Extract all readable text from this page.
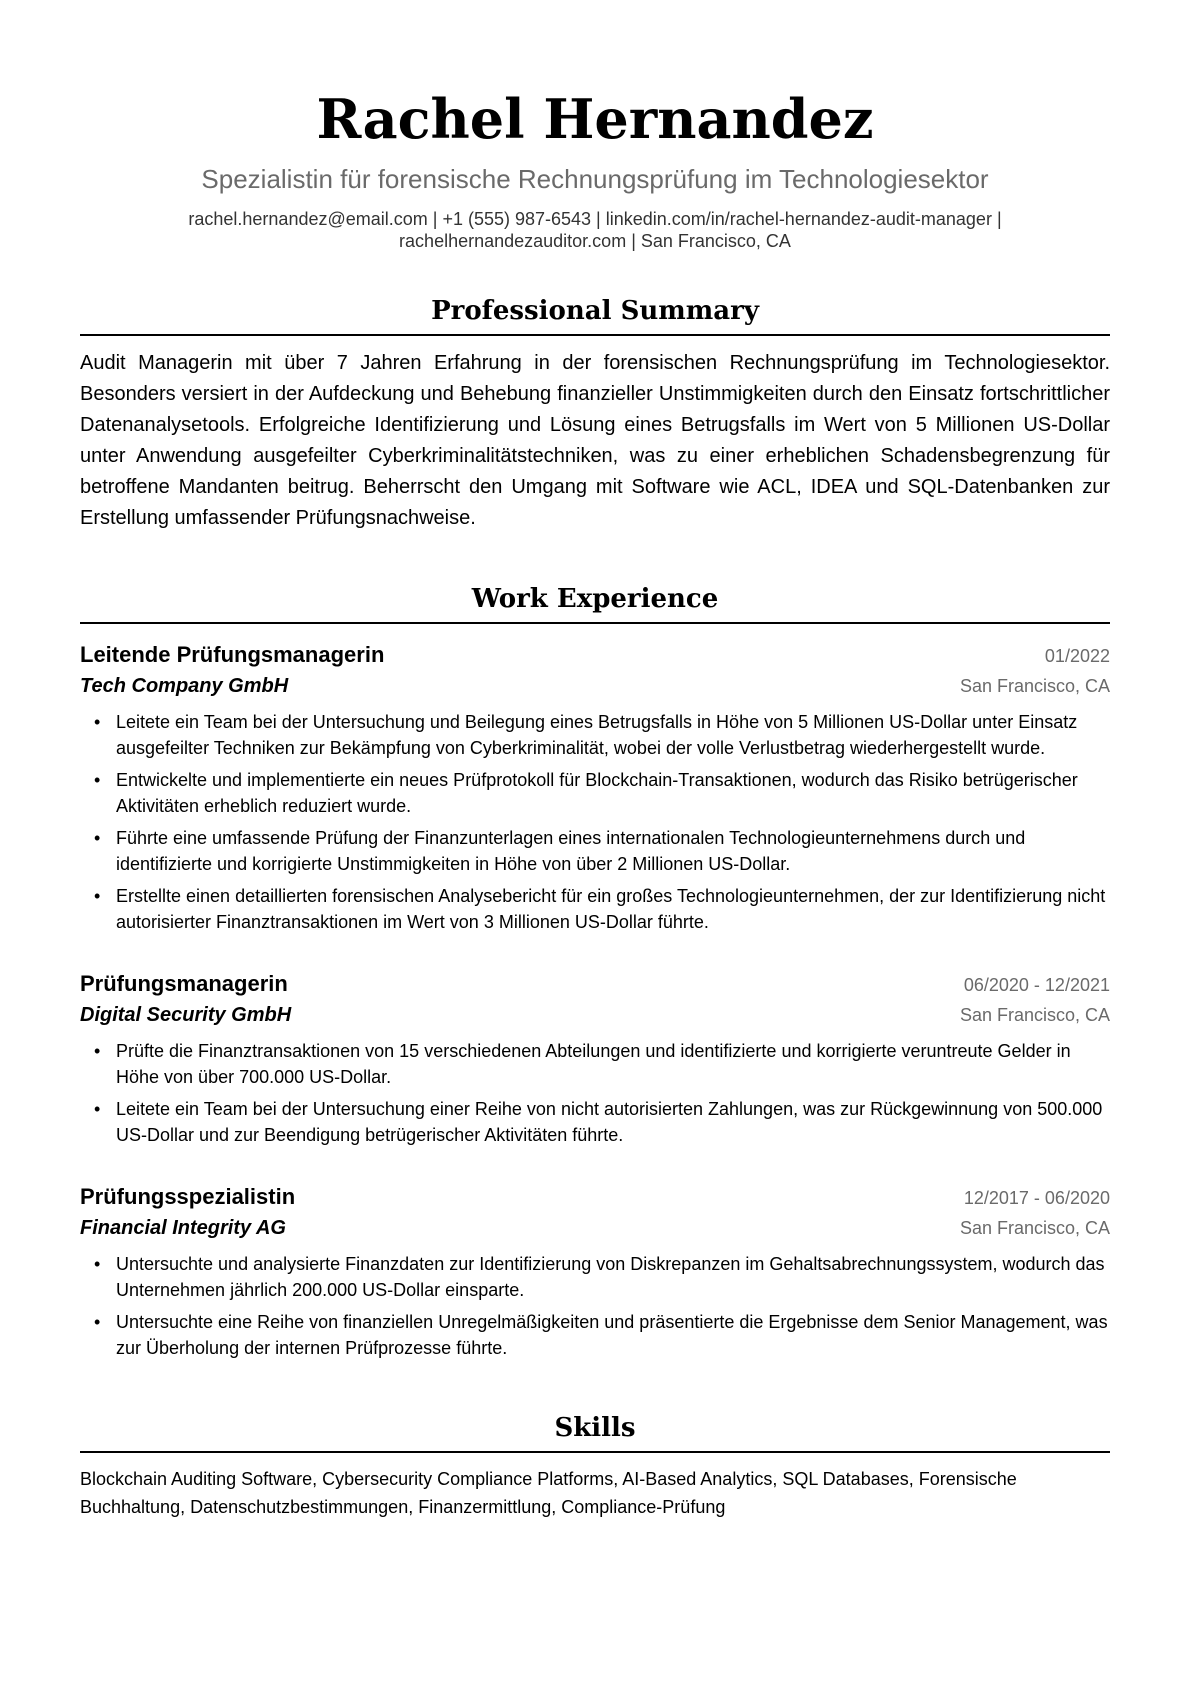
Rachel Hernandez
Spezialistin für forensische Rechnungsprüfung im Technologiesektor
rachel.hernandez@email.com | +1 (555) 987-6543 | linkedin.com/in/rachel-hernandez-audit-manager |
rachelhernandezauditor.com | San Francisco, CA
Professional Summary

Audit Managerin mit über 7 Jahren Erfahrung in der forensischen Rechnungsprüfung im Technologiesektor. Besonders versiert in der Aufdeckung und Behebung finanzieller Unstimmigkeiten durch den Einsatz fortschrittlicher Datenanalysetools. Erfolgreiche Identifizierung und Lösung eines Betrugsfalls im Wert von 5 Millionen US-Dollar unter Anwendung ausgefeilter Cyberkriminalitätstechniken, was zu einer erheblichen Schadensbegrenzung für betroffene Mandanten beitrug. Beherrscht den Umgang mit Software wie ACL, IDEA und SQL-Datenbanken zur Erstellung umfassender Prüfungsnachweise.

Work Experience
Leitende Prüfungsmanagerin	01/2022
Tech Company GmbH	San Francisco, CA
• Leitete ein Team bei der Untersuchung und Beilegung eines Betrugsfalls in Höhe von 5 Millionen US-Dollar unter Einsatz ausgefeilter Techniken zur Bekämpfung von Cyberkriminalität, wobei der volle Verlustbetrag wiederhergestellt wurde.
• Entwickelte und implementierte ein neues Prüfprotokoll für Blockchain-Transaktionen, wodurch das Risiko betrügerischer Aktivitäten erheblich reduziert wurde.
• Führte eine umfassende Prüfung der Finanzunterlagen eines internationalen Technologieunternehmens durch und identifizierte und korrigierte Unstimmigkeiten in Höhe von über 2 Millionen US-Dollar.
• Erstellte einen detaillierten forensischen Analysebericht für ein großes Technologieunternehmen, der zur Identifizierung nicht autorisierter Finanztransaktionen im Wert von 3 Millionen US-Dollar führte.
Prüfungsmanagerin	06/2020 - 12/2021
Digital Security GmbH	San Francisco, CA
• Prüfte die Finanztransaktionen von 15 verschiedenen Abteilungen und identifizierte und korrigierte veruntreute Gelder in Höhe von über 700.000 US-Dollar.
• Leitete ein Team bei der Untersuchung einer Reihe von nicht autorisierten Zahlungen, was zur Rückgewinnung von 500.000 US-Dollar und zur Beendigung betrügerischer Aktivitäten führte.
Prüfungsspezialistin	12/2017 - 06/2020
Financial Integrity AG	San Francisco, CA
• Untersuchte und analysierte Finanzdaten zur Identifizierung von Diskrepanzen im Gehaltsabrechnungssystem, wodurch das Unternehmen jährlich 200.000 US-Dollar einsparte.
• Untersuchte eine Reihe von finanziellen Unregelmäßigkeiten und präsentierte die Ergebnisse dem Senior Management, was zur Überholung der internen Prüfprozesse führte.
Skills

Blockchain Auditing Software, Cybersecurity Compliance Platforms, AI-Based Analytics, SQL Databases, Forensische Buchhaltung, Datenschutzbestimmungen, Finanzermittlung, Compliance-Prüfung
